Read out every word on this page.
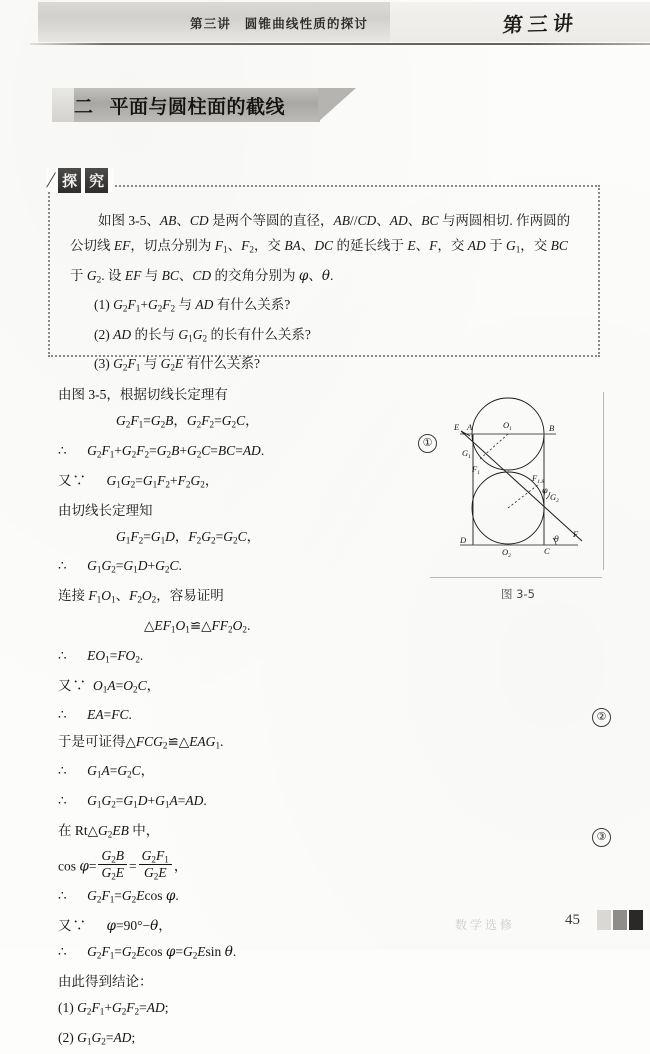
第三讲　圆锥曲线性质的探讨	第三讲
二 平面与圆柱面的截线
/ 探 究

如图 3-5、AB、CD 是两个等圆的直径，AB//CD、AD、BC 与两圆相切. 作两圆的公切线 EF，切点分别为 $F_1$、$F_2$，交 BA、DC 的延长线于 E、F，交 AD 于 $G_1$，交 BC 于 $G_2$. 设 EF 与 BC、CD 的交角分别为 φ、θ.

(1) $G_2F_1+G_2F_2$ 与 AD 有什么关系?
(2) AD 的长与 $G_1G_2$ 的长有什么关系?
(3) $G_2F_1$ 与 $G_2E$ 有什么关系?
由图 3-5，根据切线长定理有
$G_2F_1=G_2B$，$G_2F_2=G_2C$，
∴　 $G_2F_1+G_2F_2=G_2B+G_2C=BC=AD$.
又∵　 $G_1G_2=G_1F_2+F_2G_2$，
由切线长定理知
$G_1F_2=G_1D$，$F_2G_2=G_2C$，
∴　 $G_1G_2=G_1D+G_2C$.
连接 $F_1O_1$、$F_2O_2$，容易证明
$\triangle EF_1O_1≌\triangle FF_2O_2$.
∴　 $EO_1=FO_2$.
又∵ $O_1A=O_2C$，
∴　 EA=FC.
于是可证得$\triangle FCG_2≌\triangle EAG_1$.
∴　 $G_1A=G_2C$，
∴　 $G_1G_2=G_1D+G_1A=AD$.
在 $Rt\triangle G_2EB$ 中，
$\cos \varphi= \frac{G_2B}{G_2E} = \frac{G_2F_1}{G_2E}$ ，
∴　 $G_2F_1=G_2Ecos$ φ.
又∵　 φ=90°−θ，
∴　 $G_2F_1=G_2Ecos$ $\varphi=G_2Esin$ θ.
由此得到结论：
(1) $G_2F_1+G_2F_2=AD$;
(2) $G_1G_2=AD$;
①
②
③
E A	$O_1$	B
$G_1$
$F_1$
$F_{1.8}$
$G_2$
F
D
$O_2$	C
φ
θ
图 3-5
数学选修	45
